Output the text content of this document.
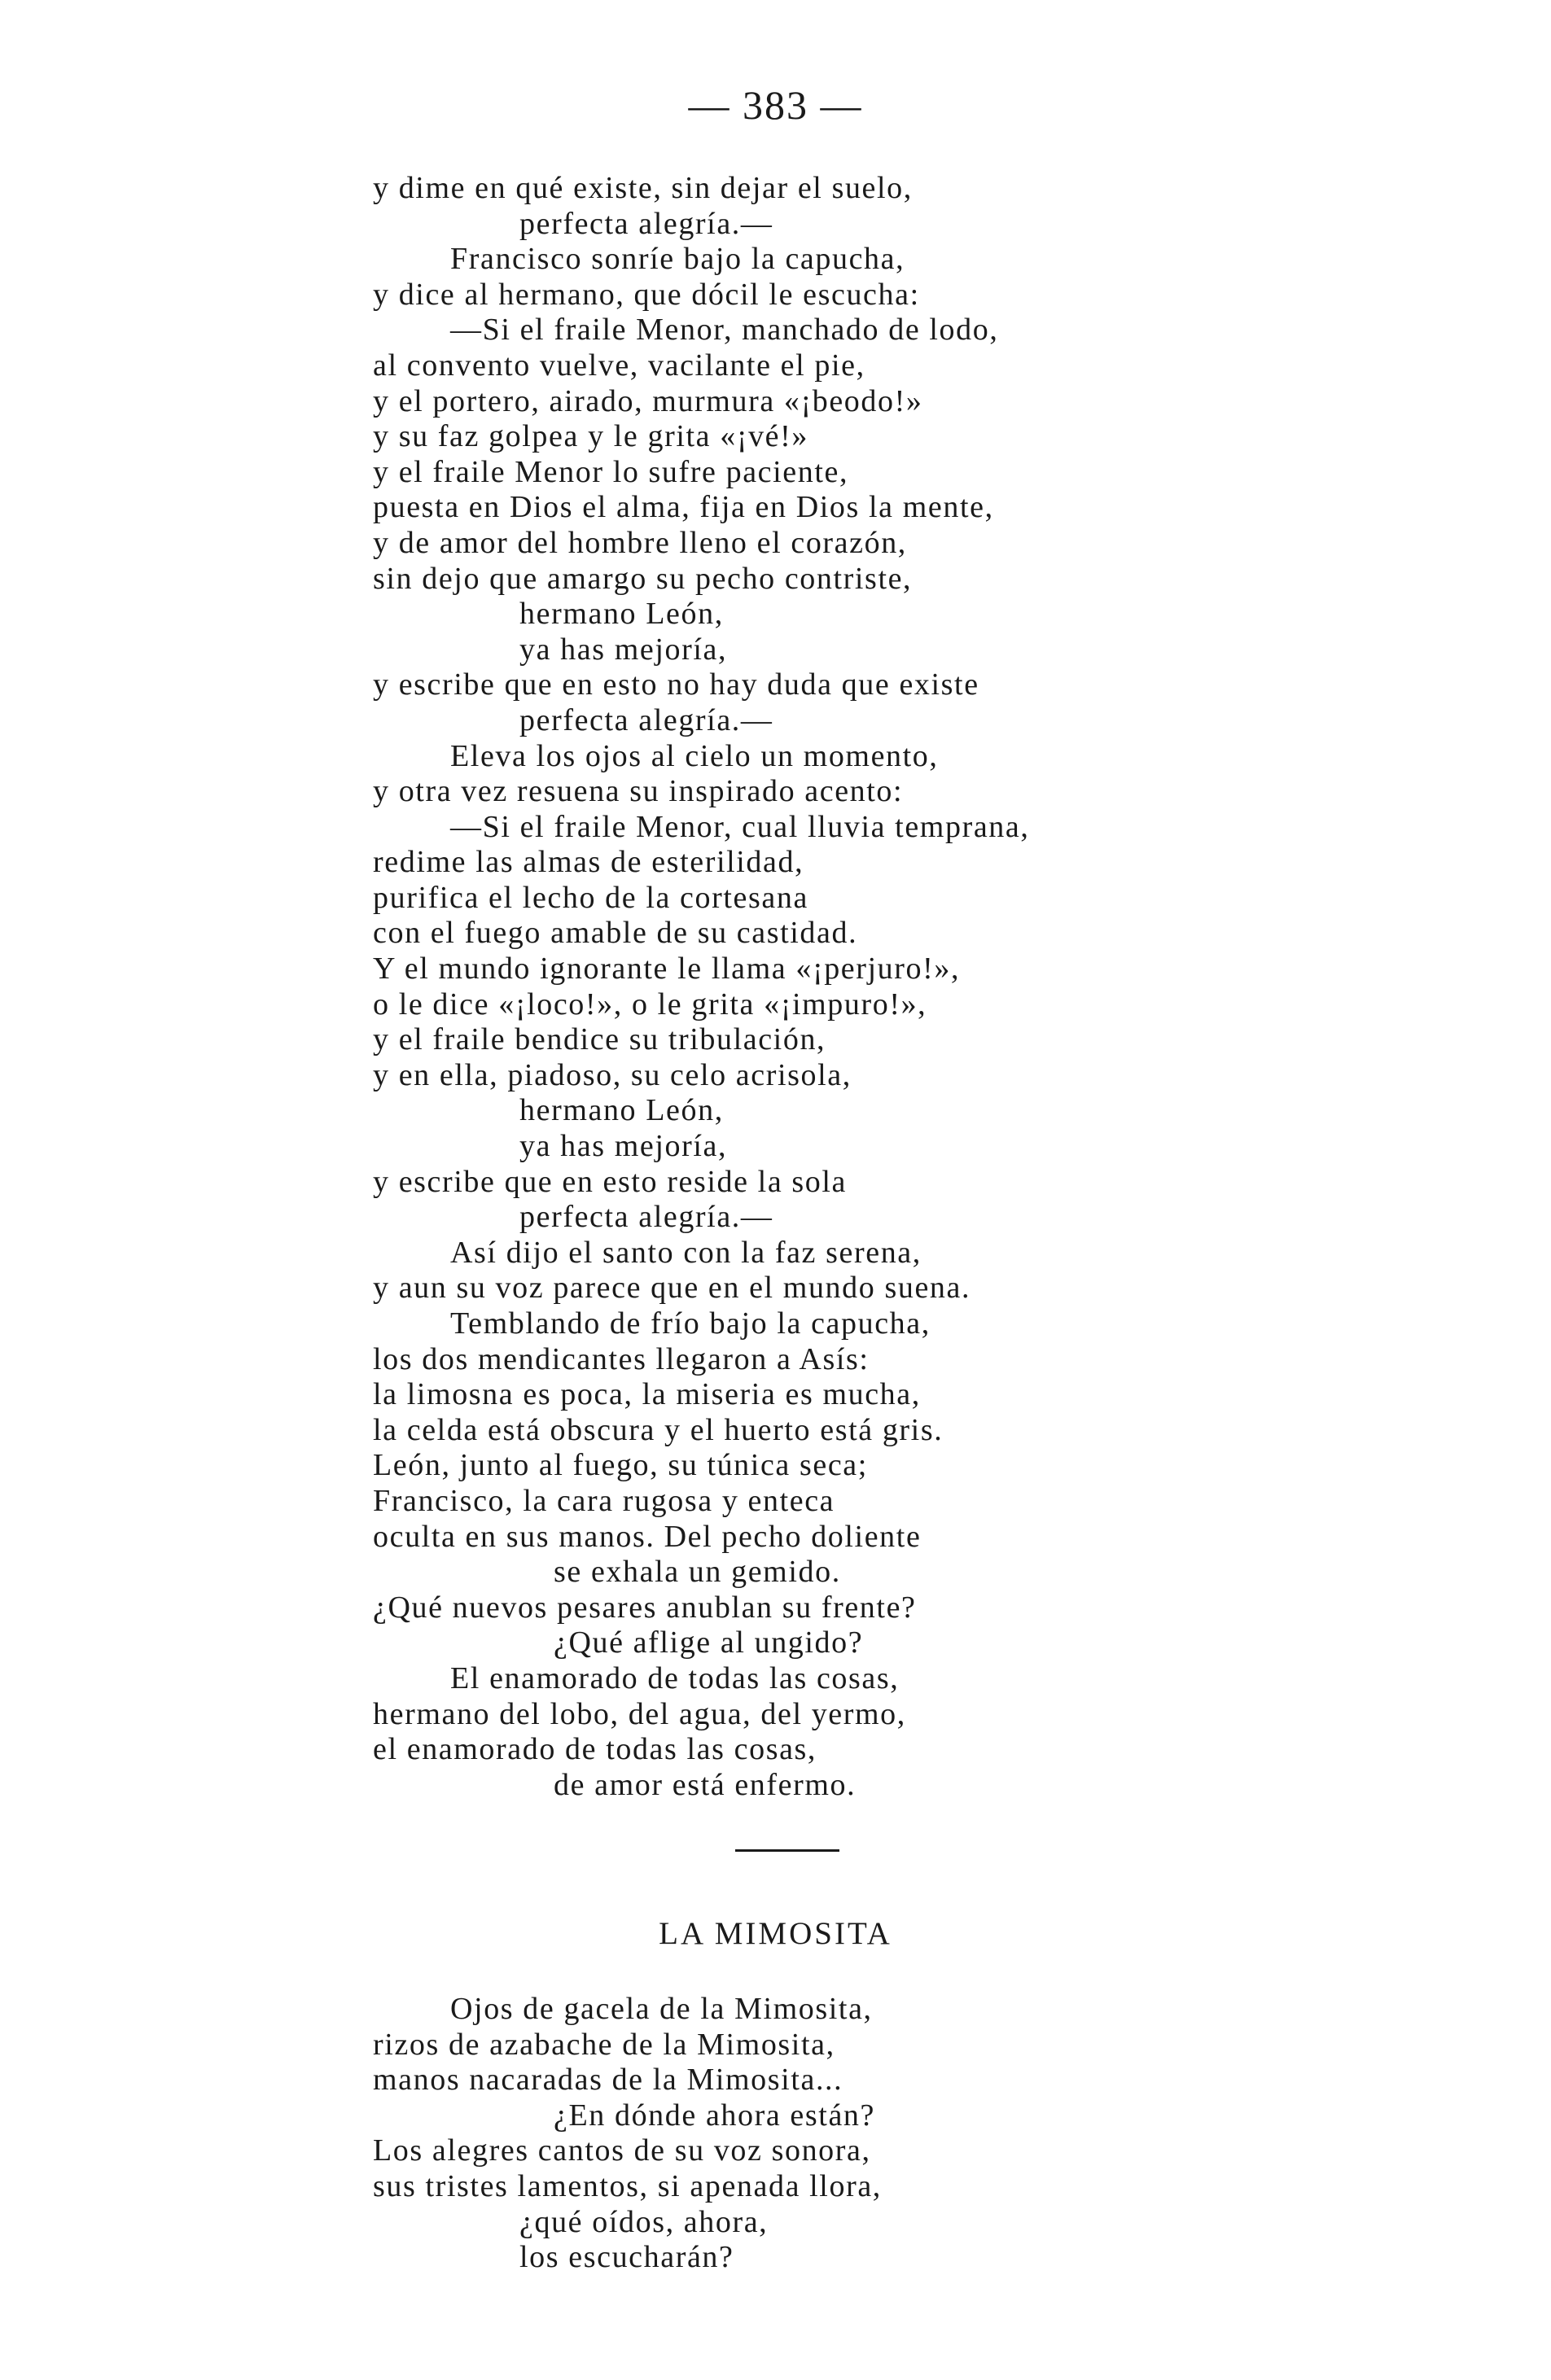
— 383 —
y dime en qué existe, sin dejar el suelo,
perfecta alegría.—
Francisco sonríe bajo la capucha,
y dice al hermano, que dócil le escucha:
—Si el fraile Menor, manchado de lodo,
al convento vuelve, vacilante el pie,
y el portero, airado, murmura «¡beodo!»
y su faz golpea y le grita «¡vé!»
y el fraile Menor lo sufre paciente,
puesta en Dios el alma, fija en Dios la mente,
y de amor del hombre lleno el corazón,
sin dejo que amargo su pecho contriste,
hermano León,
ya has mejoría,
y escribe que en esto no hay duda que existe
perfecta alegría.—
Eleva los ojos al cielo un momento,
y otra vez resuena su inspirado acento:
—Si el fraile Menor, cual lluvia temprana,
redime las almas de esterilidad,
purifica el lecho de la cortesana
con el fuego amable de su castidad.
Y el mundo ignorante le llama «¡perjuro!»,
o le dice «¡loco!», o le grita «¡impuro!»,
y el fraile bendice su tribulación,
y en ella, piadoso, su celo acrisola,
hermano León,
ya has mejoría,
y escribe que en esto reside la sola
perfecta alegría.—
Así dijo el santo con la faz serena,
y aun su voz parece que en el mundo suena.
Temblando de frío bajo la capucha,
los dos mendicantes llegaron a Asís:
la limosna es poca, la miseria es mucha,
la celda está obscura y el huerto está gris.
León, junto al fuego, su túnica seca;
Francisco, la cara rugosa y enteca
oculta en sus manos. Del pecho doliente
se exhala un gemido.
¿Qué nuevos pesares anublan su frente?
¿Qué aflige al ungido?
El enamorado de todas las cosas,
hermano del lobo, del agua, del yermo,
el enamorado de todas las cosas,
de amor está enfermo.
LA MIMOSITA
Ojos de gacela de la Mimosita,
rizos de azabache de la Mimosita,
manos nacaradas de la Mimosita...
¿En dónde ahora están?
Los alegres cantos de su voz sonora,
sus tristes lamentos, si apenada llora,
¿qué oídos, ahora,
los escucharán?
